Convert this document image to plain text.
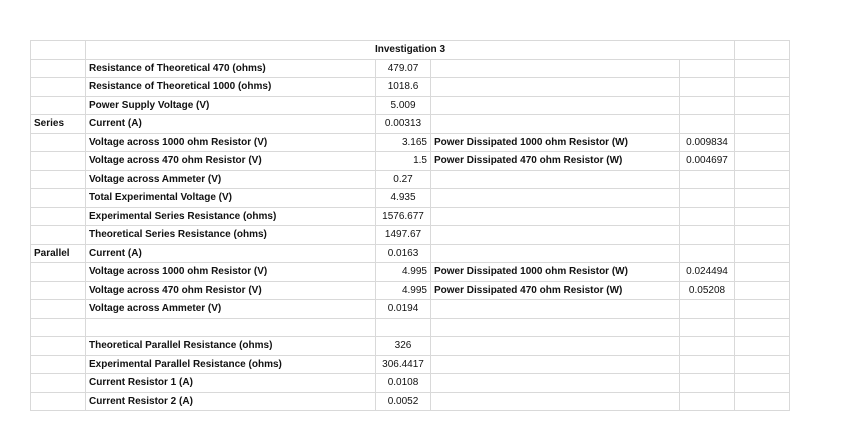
	Investigation 3				
	Resistance of Theoretical 470 (ohms)	479.07			
	Resistance of Theoretical 1000 (ohms)	1018.6			
	Power Supply Voltage (V)	5.009			
Series	Current (A)	0.00313			
	Voltage across 1000 ohm Resistor (V)	3.165	Power Dissipated 1000 ohm Resistor (W)	0.009834	
	Voltage across 470 ohm Resistor (V)	1.5	Power Dissipated 470 ohm Resistor (W)	0.004697	
	Voltage across Ammeter (V)	0.27			
	Total Experimental Voltage (V)	4.935			
	Experimental Series Resistance (ohms)	1576.677			
	Theoretical Series Resistance (ohms)	1497.67			
Parallel	Current (A)	0.0163			
	Voltage across 1000 ohm Resistor (V)	4.995	Power Dissipated 1000 ohm Resistor (W)	0.024494	
	Voltage across 470 ohm Resistor (V)	4.995	Power Dissipated 470 ohm Resistor (W)	0.05208	
	Voltage across Ammeter (V)	0.0194			

	Theoretical Parallel Resistance (ohms)	326			
	Experimental Parallel Resistance (ohms)	306.4417			
	Current Resistor 1 (A)	0.0108			
	Current Resistor 2 (A)	0.0052			
